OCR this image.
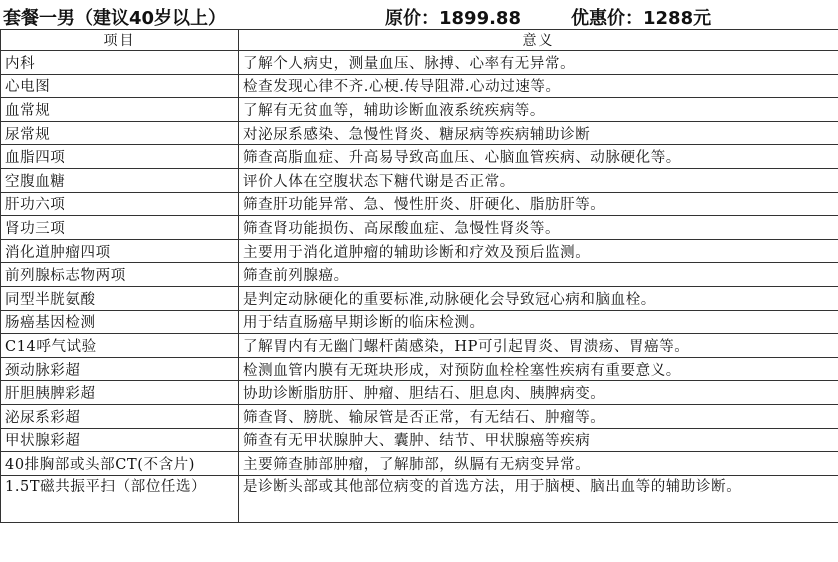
套餐一男（建议40岁以上）	原价：1899.88	优惠价：1288元
项目	意义
内科	了解个人病史，测量血压、脉搏、心率有无异常。
心电图	检查发现心律不齐.心梗.传导阻滞.心动过速等。
血常规	了解有无贫血等，辅助诊断血液系统疾病等。
尿常规	对泌尿系感染、急慢性肾炎、糖尿病等疾病辅助诊断
血脂四项	筛查高脂血症、升高易导致高血压、心脑血管疾病、动脉硬化等。
空腹血糖	评价人体在空腹状态下糖代谢是否正常。
肝功六项	筛查肝功能异常、急、慢性肝炎、肝硬化、脂肪肝等。
肾功三项	筛查肾功能损伤、高尿酸血症、急慢性肾炎等。
消化道肿瘤四项	主要用于消化道肿瘤的辅助诊断和疗效及预后监测。
前列腺标志物两项	筛查前列腺癌。
同型半胱氨酸	是判定动脉硬化的重要标准,动脉硬化会导致冠心病和脑血栓。
肠癌基因检测	用于结直肠癌早期诊断的临床检测。
C14呼气试验	了解胃内有无幽门螺杆菌感染，HP可引起胃炎、胃溃疡、胃癌等。
颈动脉彩超	检测血管内膜有无斑块形成，对预防血栓栓塞性疾病有重要意义。
肝胆胰脾彩超	协助诊断脂肪肝、肿瘤、胆结石、胆息肉、胰脾病变。
泌尿系彩超	筛查肾、膀胱、输尿管是否正常，有无结石、肿瘤等。
甲状腺彩超	筛查有无甲状腺肿大、囊肿、结节、甲状腺癌等疾病
40排胸部或头部CT(不含片)	主要筛查肺部肿瘤，了解肺部，纵膈有无病变异常。
1.5T磁共振平扫（部位任选）	是诊断头部或其他部位病变的首选方法，用于脑梗、脑出血等的辅助诊断。
